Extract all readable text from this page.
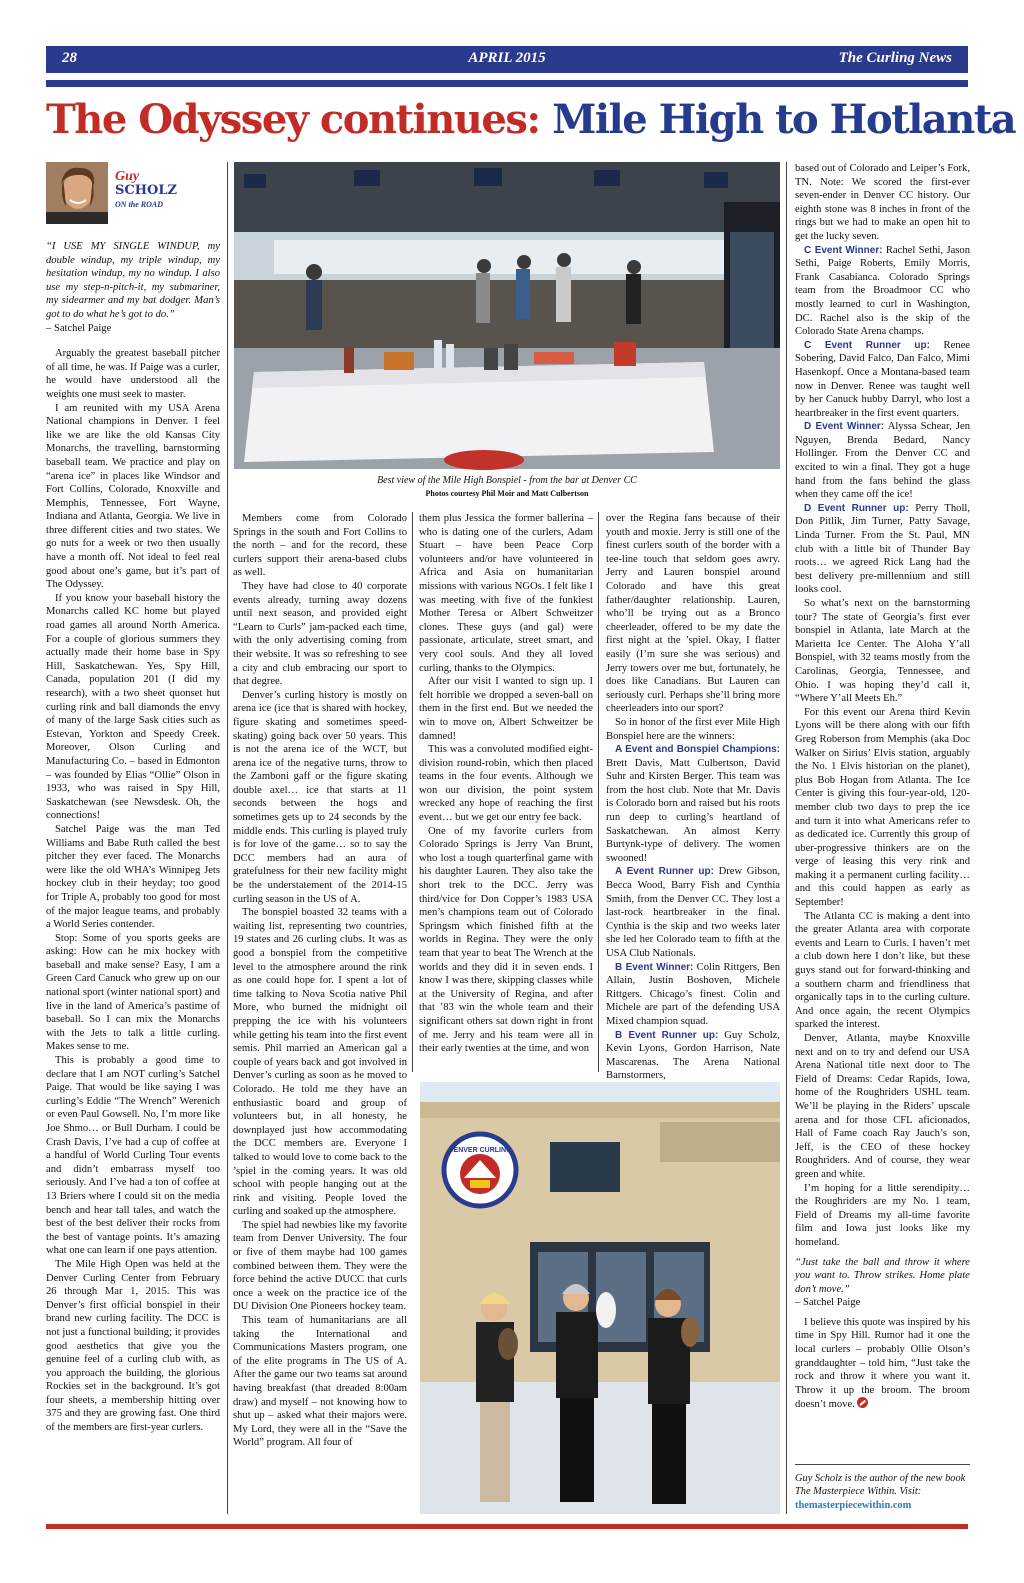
28	APRIL 2015	The Curling News
The Odyssey continues: Mile High to Hotlanta
Guy
SCHOLZ
ON the ROAD

“I USE MY SINGLE WINDUP, my double windup, my triple windup, my hesitation windup, my no windup. I also use my step-n-pitch-it, my submariner, my sidearmer and my bat dodger. Man’s got to do what he’s got to do.”

– Satchel Paige

Arguably the greatest baseball pitcher of all time, he was. If Paige was a curler, he would have understood all the weights one must seek to master.

I am reunited with my USA Arena National champions in Denver. I feel like we are like the old Kansas City Monarchs, the travelling, barnstorming baseball team. We practice and play on “arena ice” in places like Windsor and Fort Collins, Colorado, Knoxville and Memphis, Tennessee, Fort Wayne, Indiana and Atlanta, Georgia. We live in three different cities and two states. We go nuts for a week or two then usually have a month off. Not ideal to feel real good about one’s game, but it’s part of The Odyssey.

If you know your baseball history the Monarchs called KC home but played road games all around North America. For a couple of glorious summers they actually made their home base in Spy Hill, Saskatchewan. Yes, Spy Hill, Canada, population 201 (I did my research), with a two sheet quonset hut curling rink and ball diamonds the envy of many of the large Sask cities such as Estevan, Yorkton and Speedy Creek. Moreover, Olson Curling and Manufacturing Co. – based in Edmonton – was founded by Elias “Ollie” Olson in 1933, who was raised in Spy Hill, Saskatchewan (see Newsdesk. Oh, the connections!

Satchel Paige was the man Ted Williams and Babe Ruth called the best pitcher they ever faced. The Monarchs were like the old WHA’s Winnipeg Jets hockey club in their heyday; too good for Triple A, probably too good for most of the major league teams, and probably a World Series contender.

Stop: Some of you sports geeks are asking: How can he mix hockey with baseball and make sense? Easy, I am a Green Card Canuck who grew up on our national sport (winter national sport) and live in the land of America’s pastime of baseball. So I can mix the Monarchs with the Jets to talk a little curling. Makes sense to me.

This is probably a good time to declare that I am NOT curling’s Satchel Paige. That would be like saying I was curling’s Eddie “The Wrench” Werenich or even Paul Gowsell. No, I’m more like Joe Shmo… or Bull Durham. I could be Crash Davis, I’ve had a cup of coffee at a handful of World Curling Tour events and didn’t embarrass myself too seriously. And I’ve had a ton of coffee at 13 Briers where I could sit on the media bench and hear tall tales, and watch the best of the best deliver their rocks from the best of vantage points. It’s amazing what one can learn if one pays attention.

The Mile High Open was held at the Denver Curling Center from February 26 through Mar 1, 2015. This was Denver’s first official bonspiel in their brand new curling facility. The DCC is not just a functional building; it provides good aesthetics that give you the genuine feel of a curling club with, as you approach the building, the glorious Rockies set in the background. It’s got four sheets, a membership hitting over 375 and they are growing fast. One third of the members are first-year curlers.

Best view of the Mile High Bonspiel - from the bar at Denver CC
Photos courtesy Phil Moir and Matt Culbertson

Members come from Colorado Springs in the south and Fort Collins to the north – and for the record, these curlers support their arena-based clubs as well.

They have had close to 40 corporate events already, turning away dozens until next season, and provided eight “Learn to Curls” jam-packed each time, with the only advertising coming from their website. It was so refreshing to see a city and club embracing our sport to that degree.

Denver’s curling history is mostly on arena ice (ice that is shared with hockey, figure skating and sometimes speed-skating) going back over 50 years. This is not the arena ice of the WCT, but arena ice of the negative turns, throw to the Zamboni gaff or the figure skating double axel… ice that starts at 11 seconds between the hogs and sometimes gets up to 24 seconds by the middle ends. This curling is played truly is for love of the game… so to say the DCC members had an aura of gratefulness for their new facility might be the understatement of the 2014-15 curling season in the US of A.

The bonspiel boasted 32 teams with a waiting list, representing two countries, 19 states and 26 curling clubs. It was as good a bonspiel from the competitive level to the atmosphere around the rink as one could hope for. I spent a lot of time talking to Nova Scotia native Phil More, who burned the midnight oil prepping the ice with his volunteers while getting his team into the first event semis. Phil married an American gal a couple of years back and got involved in Denver’s curling as soon as he moved to Colorado. He told me they have an enthusiastic board and group of volunteers but, in all honesty, he downplayed just how accommodating the DCC members are. Everyone I talked to would love to come back to the ’spiel in the coming years. It was old school with people hanging out at the rink and visiting. People loved the curling and soaked up the atmosphere.

The spiel had newbies like my favorite team from Denver University. The four or five of them maybe had 100 games combined between them. They were the force behind the active DUCC that curls once a week on the practice ice of the DU Division One Pioneers hockey team.

This team of humanitarians are all taking the International and Communications Masters program, one of the elite programs in The US of A. After the game our two teams sat around having breakfast (that dreaded 8:00am draw) and myself – not knowing how to shut up – asked what their majors were. My Lord, they were all in the “Save the World” program. All four of

them plus Jessica the former ballerina – who is dating one of the curlers, Adam Stuart – have been Peace Corp volunteers and/or have volunteered in Africa and Asia on humanitarian missions with various NGOs. I felt like I was meeting with five of the funkiest Mother Teresa or Albert Schweitzer clones. These guys (and gal) were passionate, articulate, street smart, and very cool souls. And they all loved curling, thanks to the Olympics.

After our visit I wanted to sign up. I felt horrible we dropped a seven-ball on them in the first end. But we needed the win to move on, Albert Schweitzer be damned!

This was a convoluted modified eight-division round-robin, which then placed teams in the four events. Although we won our division, the point system wrecked any hope of reaching the first event… but we get our entry fee back.

One of my favorite curlers from Colorado Springs is Jerry Van Brunt, who lost a tough quarterfinal game with his daughter Lauren. They also take the short trek to the DCC. Jerry was third/vice for Don Copper’s 1983 USA men’s champions team out of Colorado Springsm which finished fifth at the worlds in Regina. They were the only team that year to beat The Wrench at the worlds and they did it in seven ends. I know I was there, skipping classes while at the University of Regina, and after that ’83 win the whole team and their significant others sat down right in front of me. Jerry and his team were all in their early twenties at the time, and won

over the Regina fans because of their youth and moxie. Jerry is still one of the finest curlers south of the border with a tee-line touch that seldom goes awry. Jerry and Lauren bonspiel around Colorado and have this great father/daughter relationship. Lauren, who’ll be trying out as a Bronco cheerleader, offered to be my date the first night at the ’spiel. Okay, I flatter easily (I’m sure she was serious) and Jerry towers over me but, fortunately, he does like Canadians. But Lauren can seriously curl. Perhaps she’ll bring more cheerleaders into our sport?

So in honor of the first ever Mile High Bonspiel here are the winners:

A Event and Bonspiel Champions: Brett Davis, Matt Culbertson, David Suhr and Kirsten Berger. This team was from the host club. Note that Mr. Davis is Colorado born and raised but his roots run deep to curling’s heartland of Saskatchewan. An almost Kerry Burtynk-type of delivery. The women swooned!

A Event Runner up: Drew Gibson, Becca Wood, Barry Fish and Cynthia Smith, from the Denver CC. They lost a last-rock heartbreaker in the final. Cynthia is the skip and two weeks later she led her Colorado team to fifth at the USA Club Nationals.

B Event Winner: Colin Rittgers, Ben Allain, Justin Boshoven, Michele Rittgers. Chicago’s finest. Colin and Michele are part of the defending USA Mixed champion squad.

B Event Runner up: Guy Scholz, Kevin Lyons, Gordon Harrison, Nate Mascarenas. The Arena National Barnstormers,

DENVER CURLING

based out of Colorado and Leiper’s Fork, TN. Note: We scored the first-ever seven-ender in Denver CC history. Our eighth stone was 8 inches in front of the rings but we had to make an open hit to get the lucky seven.

C Event Winner: Rachel Sethi, Jason Sethi, Paige Roberts, Emily Morris, Frank Casabianca. Colorado Springs team from the Broadmoor CC who mostly learned to curl in Washington, DC. Rachel also is the skip of the Colorado State Arena champs.

C Event Runner up: Renee Sobering, David Falco, Dan Falco, Mimi Hasenkopf. Once a Montana-based team now in Denver. Renee was taught well by her Canuck hubby Darryl, who lost a heartbreaker in the first event quarters.

D Event Winner: Alyssa Schear, Jen Nguyen, Brenda Bedard, Nancy Hollinger. From the Denver CC and excited to win a final. They got a huge hand from the fans behind the glass when they came off the ice!

D Event Runner up: Perry Tholl, Don Pitlik, Jim Turner, Patty Savage, Linda Turner. From the St. Paul, MN club with a little bit of Thunder Bay roots… we agreed Rick Lang had the best delivery pre-millennium and still looks cool.

So what’s next on the barnstorming tour? The state of Georgia’s first ever bonspiel in Atlanta, late March at the Marietta Ice Center. The Aloha Y’all Bonspiel, with 32 teams mostly from the Carolinas, Georgia, Tennessee, and Ohio. I was hoping they’d call it, “Where Y’all Meets Eh.”

For this event our Arena third Kevin Lyons will be there along with our fifth Greg Roberson from Memphis (aka Doc Walker on Sirius’ Elvis station, arguably the No. 1 Elvis historian on the planet), plus Bob Hogan from Atlanta. The Ice Center is giving this four-year-old, 120-member club two days to prep the ice and turn it into what Americans refer to as dedicated ice. Currently this group of uber-progressive thinkers are on the verge of leasing this very rink and making it a permanent curling facility… and this could happen as early as September!

The Atlanta CC is making a dent into the greater Atlanta area with corporate events and Learn to Curls. I haven’t met a club down here I don’t like, but these guys stand out for forward-thinking and a southern charm and friendliness that organically taps in to the curling culture. And once again, the recent Olympics sparked the interest.

Denver, Atlanta, maybe Knoxville next and on to try and defend our USA Arena National title next door to The Field of Dreams: Cedar Rapids, Iowa, home of the Roughriders USHL team. We’ll be playing in the Riders’ upscale arena and for those CFL aficionados, Hall of Fame coach Ray Jauch’s son, Jeff, is the CEO of these hockey Roughriders. And of course, they wear green and white.

I’m hoping for a little serendipity… the Roughriders are my No. 1 team, Field of Dreams my all-time favorite film and Iowa just looks like my homeland.

“Just take the ball and throw it where you want to. Throw strikes. Home plate don’t move.”

– Satchel Paige

I believe this quote was inspired by his time in Spy Hill. Rumor had it one the local curlers – probably Ollie Olson’s granddaughter – told him, “Just take the rock and throw it where you want it. Throw it up the broom. The broom doesn’t move.

Guy Scholz is the author of the new book The Masterpiece Within. Visit: themasterpiecewithin.com
